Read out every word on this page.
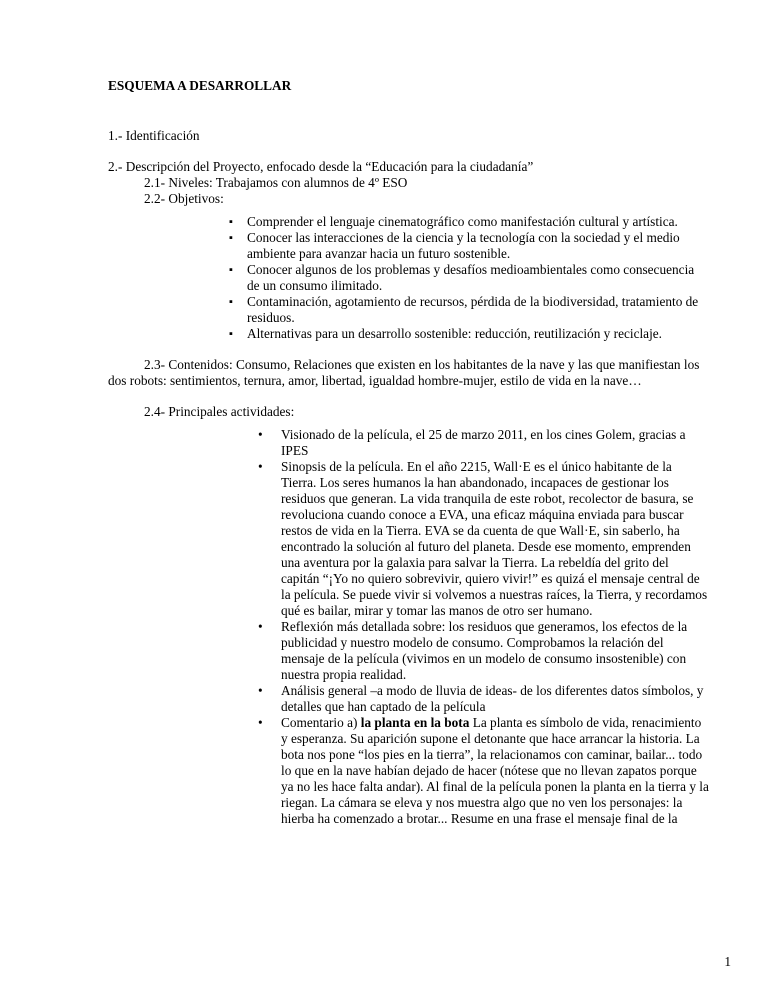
ESQUEMA A DESARROLLAR

1.- Identificación

2.- Descripción del Proyecto, enfocado desde la “Educación para la ciudadanía”

2.1- Niveles: Trabajamos con alumnos de 4º ESO

2.2- Objetivos:

▪ Comprender el lenguaje cinematográfico como manifestación cultural y artística.
▪ Conocer las interacciones de la ciencia y la tecnología con la sociedad y el medio ambiente para avanzar hacia un futuro sostenible.
▪ Conocer algunos de los problemas y desafíos medioambientales como consecuencia de un consumo ilimitado.
▪ Contaminación, agotamiento de recursos, pérdida de la biodiversidad, tratamiento de residuos.
▪ Alternativas para un desarrollo sostenible: reducción, reutilización y reciclaje.

2.3- Contenidos: Consumo, Relaciones que existen en los habitantes de la nave y las que manifiestan los dos robots: sentimientos, ternura, amor, libertad, igualdad hombre-mujer, estilo de vida en la nave…

2.4- Principales actividades:

• Visionado de la película, el 25 de marzo 2011, en los cines Golem, gracias a IPES
• Sinopsis de la película. En el año 2215, Wall·E es el único habitante de la Tierra. Los seres humanos la han abandonado, incapaces de gestionar los residuos que generan. La vida tranquila de este robot, recolector de basura, se revoluciona cuando conoce a EVA, una eficaz máquina enviada para buscar restos de vida en la Tierra. EVA se da cuenta de que Wall·E, sin saberlo, ha encontrado la solución al futuro del planeta. Desde ese momento, emprenden una aventura por la galaxia para salvar la Tierra. La rebeldía del grito del capitán “¡Yo no quiero sobrevivir, quiero vivir!” es quizá el mensaje central de la película. Se puede vivir si volvemos a nuestras raíces, la Tierra, y recordamos qué es bailar, mirar y tomar las manos de otro ser humano.
• Reflexión más detallada sobre: los residuos que generamos, los efectos de la publicidad y nuestro modelo de consumo. Comprobamos la relación del mensaje de la película (vivimos en un modelo de consumo insostenible) con nuestra propia realidad.
• Análisis general –a modo de lluvia de ideas- de los diferentes datos símbolos, y detalles que han captado de la película
• Comentario a) la planta en la bota La planta es símbolo de vida, renacimiento y esperanza. Su aparición supone el detonante que hace arrancar la historia. La bota nos pone “los pies en la tierra”, la relacionamos con caminar, bailar... todo lo que en la nave habían dejado de hacer (nótese que no llevan zapatos porque ya no les hace falta andar). Al final de la película ponen la planta en la tierra y la riegan. La cámara se eleva y nos muestra algo que no ven los personajes: la hierba ha comenzado a brotar... Resume en una frase el mensaje final de la
1
